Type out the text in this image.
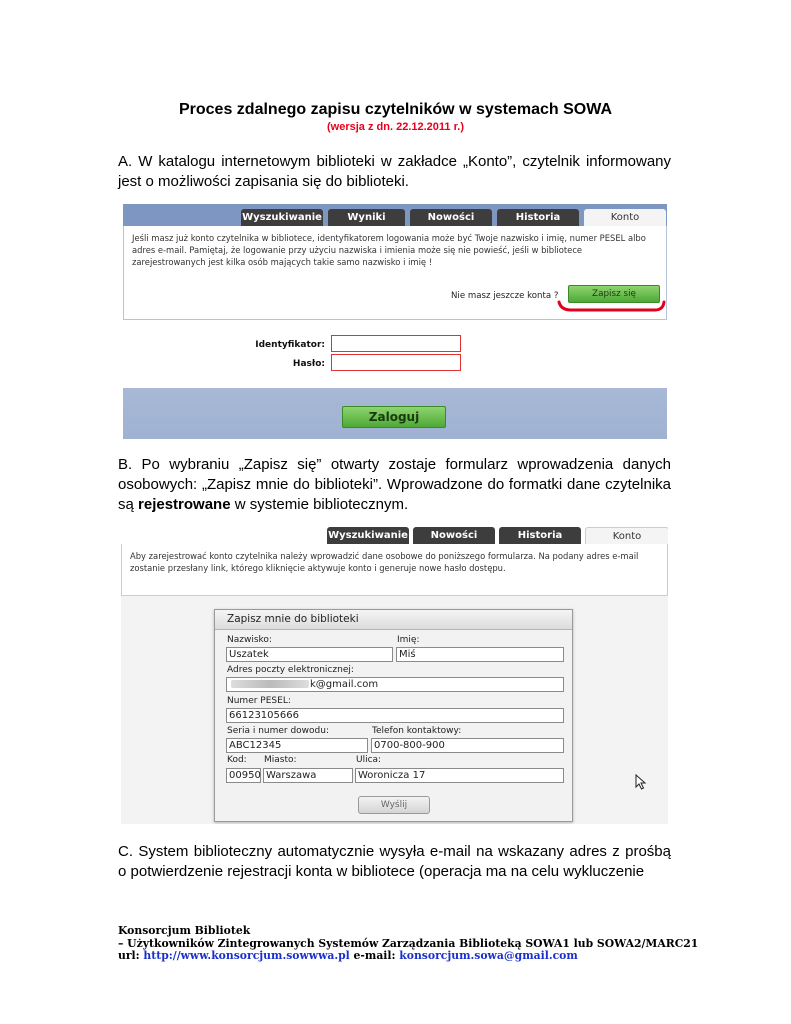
Proces zdalnego zapisu czytelników w systemach SOWA
(wersja z dn. 22.12.2011 r.)
A. W katalogu internetowym biblioteki w zakładce „Konto”, czytelnik informowany jest o możliwości zapisania się do biblioteki.
Wyszukiwanie	Wyniki	Nowości	Historia	Konto
Jeśli masz już konto czytelnika w bibliotece, identyfikatorem logowania może być Twoje nazwisko i imię, numer PESEL albo adres e-mail. Pamiętaj, że logowanie przy użyciu nazwiska i imienia może się nie powieść, jeśli w bibliotece zarejestrowanych jest kilka osób mających takie samo nazwisko i imię !
Nie masz jeszcze konta ?	Zapisz się
Identyfikator:
Hasło:
Zaloguj
B. Po wybraniu „Zapisz się” otwarty zostaje formularz wprowadzenia danych osobowych: „Zapisz mnie do biblioteki”. Wprowadzone do formatki dane czytelnika są rejestrowane w systemie bibliotecznym.
Wyszukiwanie	Nowości	Historia	Konto
Aby zarejestrować konto czytelnika należy wprowadzić dane osobowe do poniższego formularza. Na podany adres e-mail zostanie przesłany link, którego kliknięcie aktywuje konto i generuje nowe hasło dostępu.
Zapisz mnie do biblioteki
Nazwisko:
Uszatek
Imię:
Miś
Adres poczty elektronicznej:
k@gmail.com
Numer PESEL:
66123105666
Seria i numer dowodu:
ABC12345
Telefon kontaktowy:
0700-800-900
Kod:
00950
Miasto:
Warszawa
Ulica:
Woronicza 17
Wyślij
C. System biblioteczny automatycznie wysyła e-mail na wskazany adres z prośbą o potwierdzenie rejestracji konta w bibliotece (operacja ma na celu wykluczenie
Konsorcjum Bibliotek
– Użytkowników Zintegrowanych Systemów Zarządzania Biblioteką SOWA1 lub SOWA2/MARC21
url: http://www.konsorcjum.sowwwa.pl e-mail: konsorcjum.sowa@gmail.com
